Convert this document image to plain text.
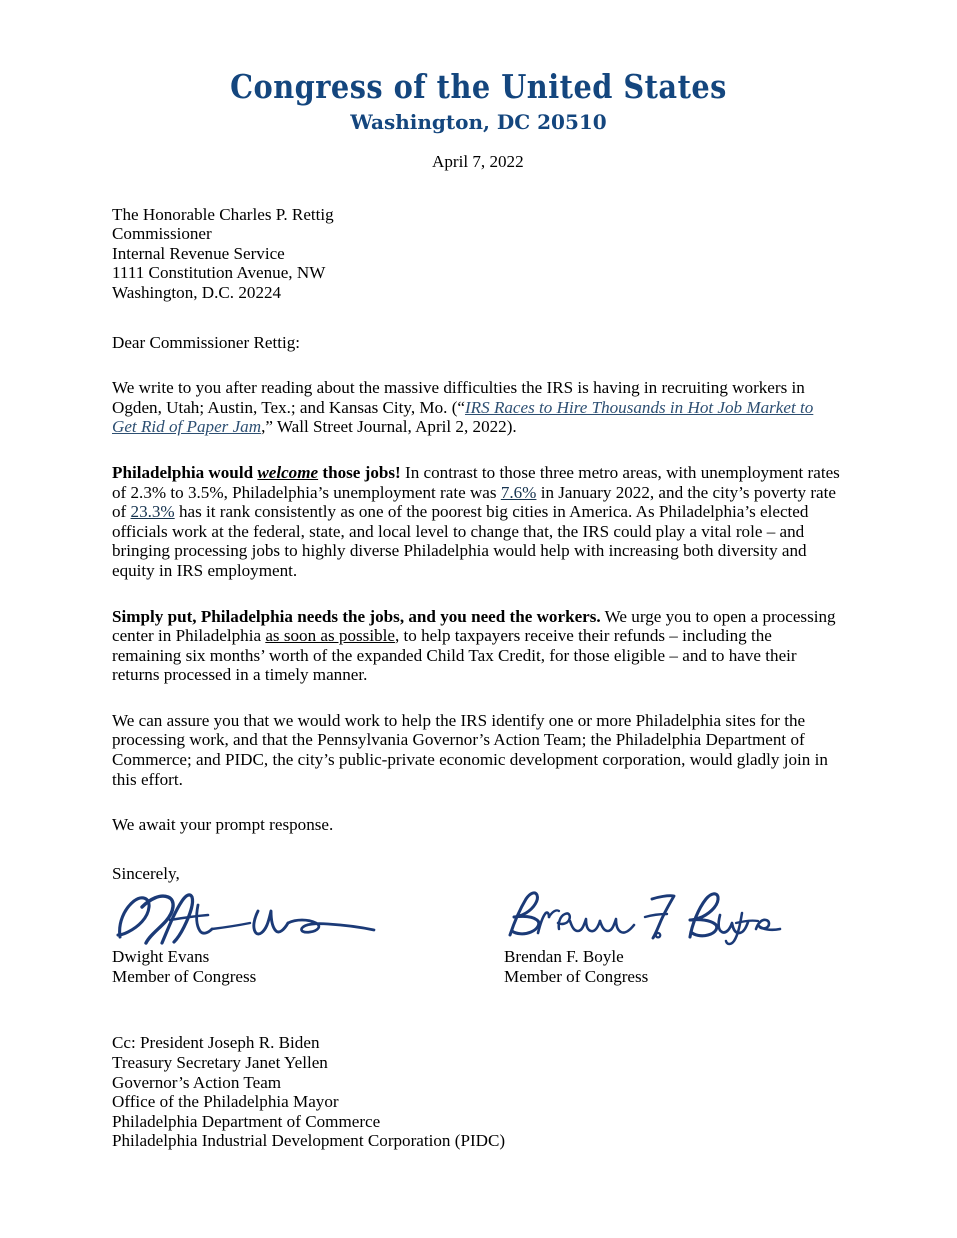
Congress of the United States
Washington, DC 20510
April 7, 2022
The Honorable Charles P. Rettig
Commissioner
Internal Revenue Service
1111 Constitution Avenue, NW
Washington, D.C. 20224
Dear Commissioner Rettig:

We write to you after reading about the massive difficulties the IRS is having in recruiting workers in Ogden, Utah; Austin, Tex.; and Kansas City, Mo. (“IRS Races to Hire Thousands in Hot Job Market to Get Rid of Paper Jam,” Wall Street Journal, April 2, 2022).

Philadelphia would welcome those jobs! In contrast to those three metro areas, with unemployment rates of 2.3% to 3.5%, Philadelphia’s unemployment rate was 7.6% in January 2022, and the city’s poverty rate of 23.3% has it rank consistently as one of the poorest big cities in America. As Philadelphia’s elected officials work at the federal, state, and local level to change that, the IRS could play a vital role – and bringing processing jobs to highly diverse Philadelphia would help with increasing both diversity and equity in IRS employment.

Simply put, Philadelphia needs the jobs, and you need the workers. We urge you to open a processing center in Philadelphia as soon as possible, to help taxpayers receive their refunds – including the remaining six months’ worth of the expanded Child Tax Credit, for those eligible – and to have their returns processed in a timely manner.

We can assure you that we would work to help the IRS identify one or more Philadelphia sites for the processing work, and that the Pennsylvania Governor’s Action Team; the Philadelphia Department of Commerce; and PIDC, the city’s public-private economic development corporation, would gladly join in this effort.

We await your prompt response.

Sincerely,
Dwight Evans
Member of Congress
Brendan F. Boyle
Member of Congress
Cc: President Joseph R. Biden
Treasury Secretary Janet Yellen
Governor’s Action Team
Office of the Philadelphia Mayor
Philadelphia Department of Commerce
Philadelphia Industrial Development Corporation (PIDC)
